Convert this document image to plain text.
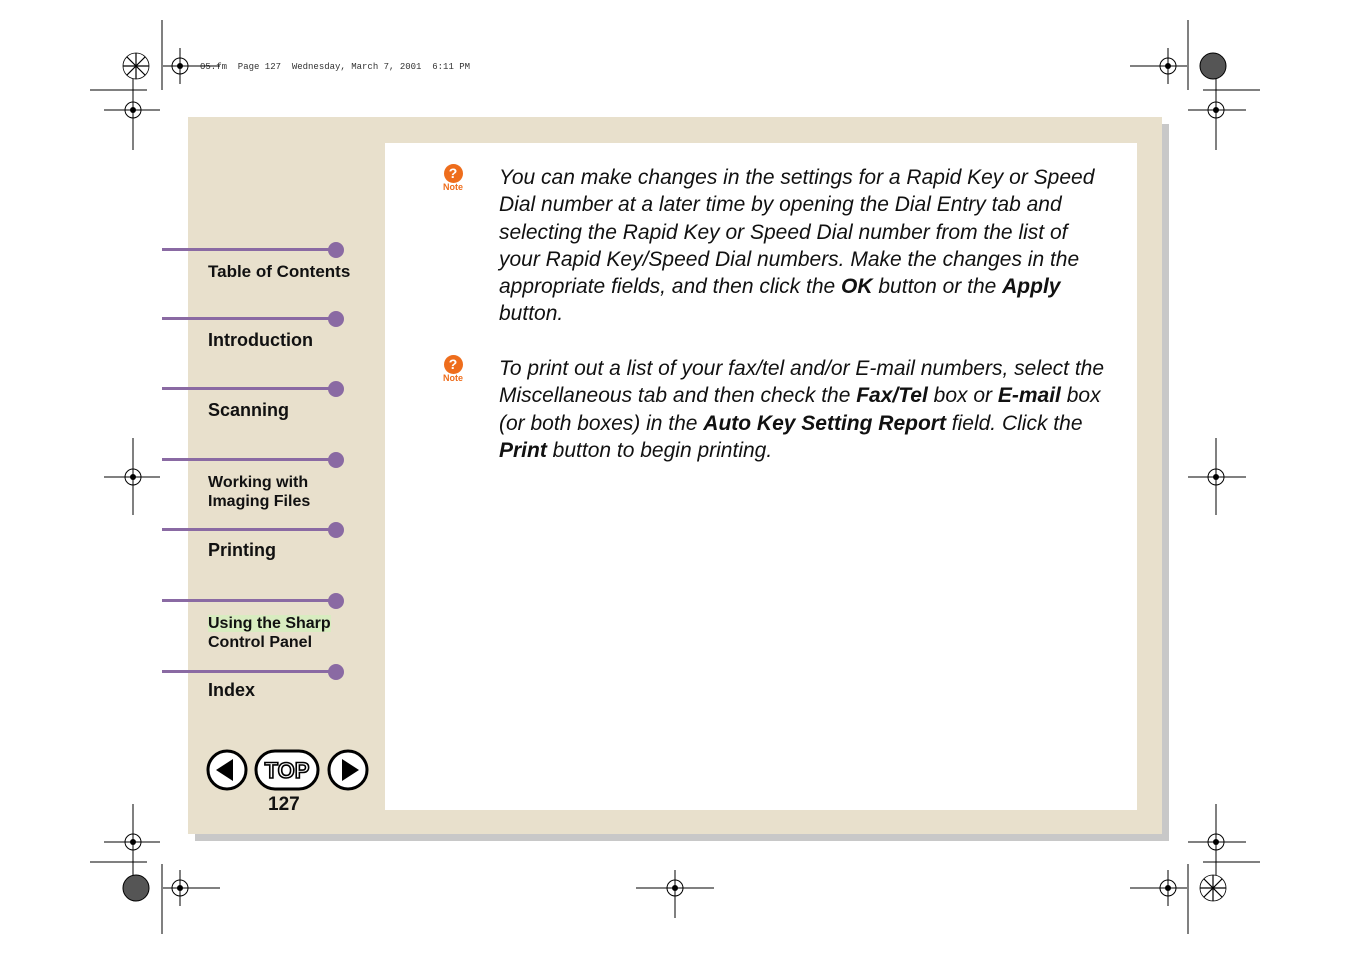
05.fm  Page 127  Wednesday, March 7, 2001  6:11 PM
Table of Contents
Introduction
Scanning
Working with
Imaging Files
Printing
Using the Sharp
Control Panel
Index
TOP
127
?
Note You can make changes in the settings for a Rapid Key or Speed Dial number at a later time by opening the Dial Entry tab and selecting the Rapid Key or Speed Dial number from the list of your Rapid Key/Speed Dial numbers. Make the changes in the appropriate fields, and then click the OK button or the Apply button.
?
Note To print out a list of your fax/tel and/or E-mail numbers, select the Miscellaneous tab and then check the Fax/Tel box or E-mail box (or both boxes) in the Auto Key Setting Report field. Click the Print button to begin printing.
